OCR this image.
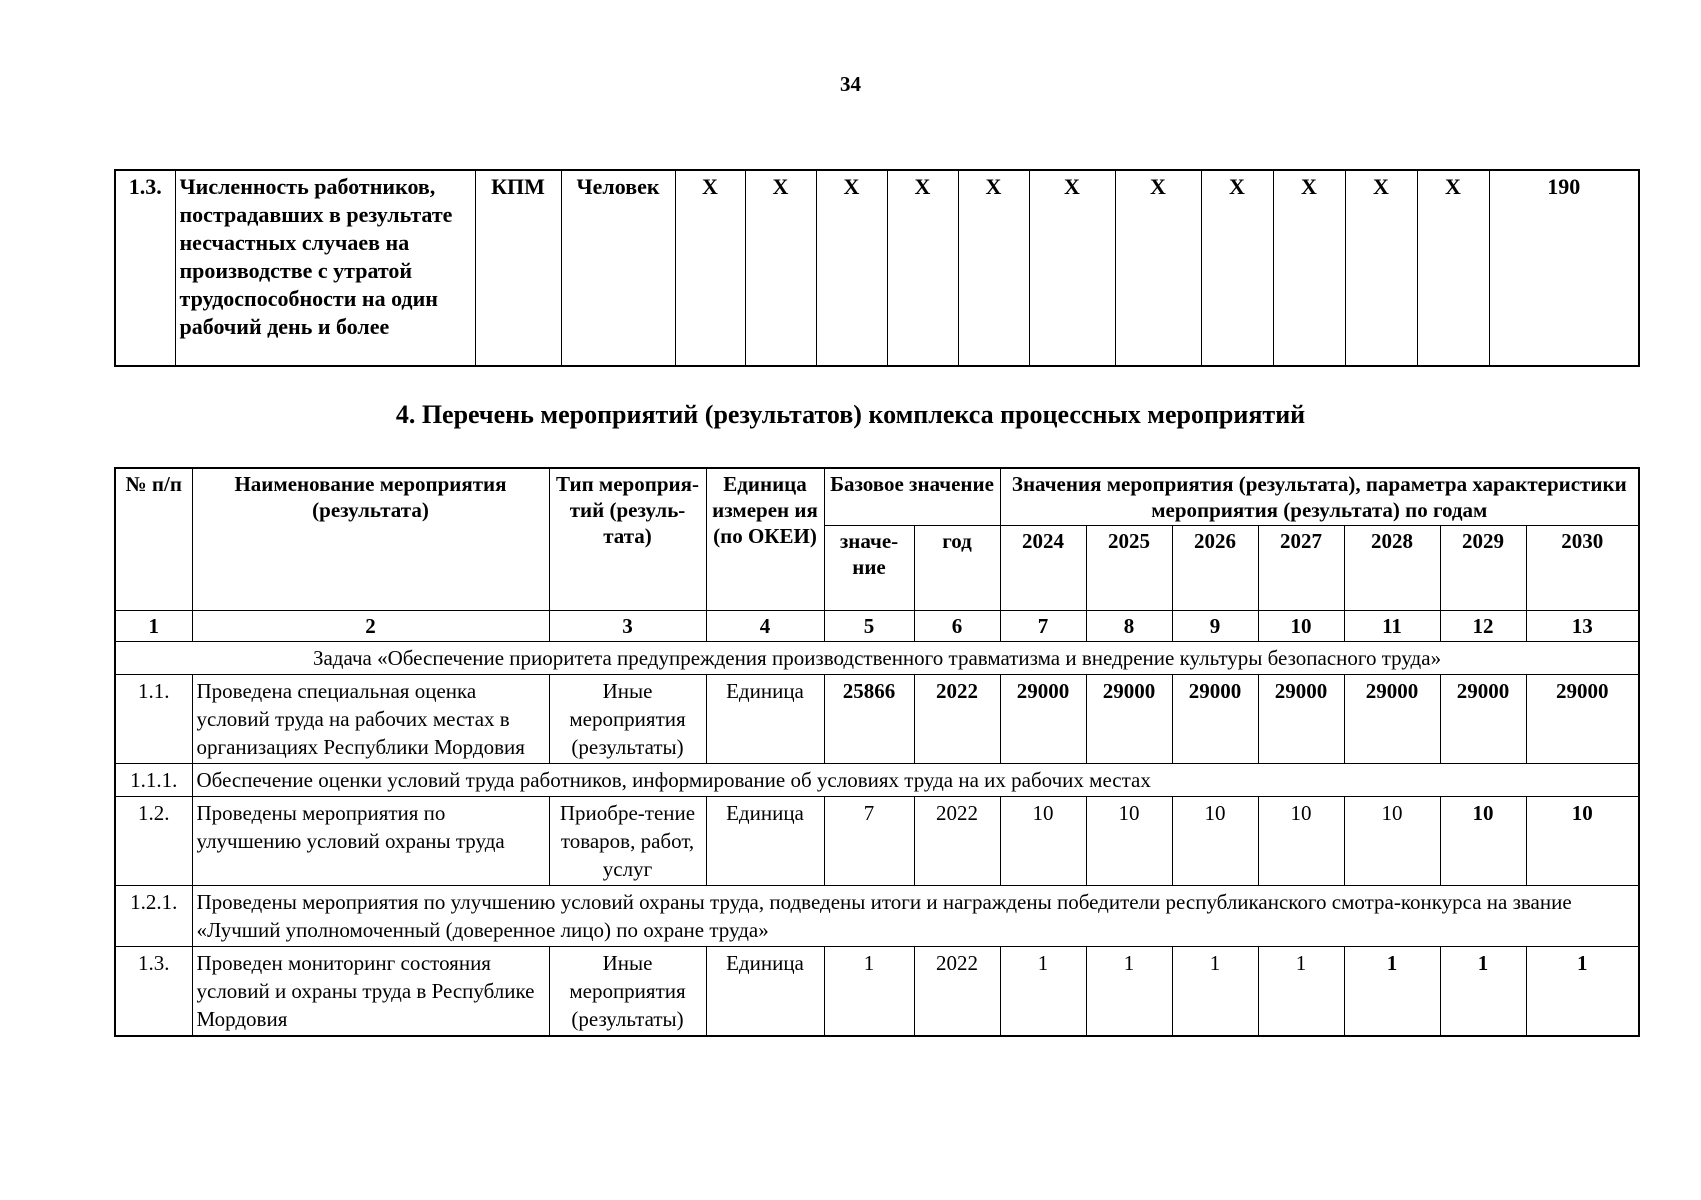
34
1.3.	Численность работников, пострадавших в результате несчастных случаев на производстве с утратой трудоспособности на один рабочий день и более	КПМ	Человек	X	X	X	X	X	X	X	X	X	X	X	190
4. Перечень мероприятий (результатов) комплекса процессных мероприятий
№ п/п	Наименование мероприятия (результата)	Тип мероприя-тий (резуль-тата)	Единица измерен ия (по ОКЕИ)	Базовое значение		Значения мероприятия (результата), параметра характеристики мероприятия (результата) по годам						
				значе-ние	год	2024	2025	2026	2027	2028	2029	2030
1	2	3	4	5	6	7	8	9	10	11	12	13
Задача «Обеспечение приоритета предупреждения производственного травматизма и внедрение культуры безопасного труда»												
1.1.	Проведена специальная оценка условий труда на рабочих местах в организациях Республики Мордовия	Иные мероприятия (результаты)	Единица	25866	2022	29000	29000	29000	29000	29000	29000	29000
1.1.1.	Обеспечение оценки условий труда работников, информирование об условиях труда на их рабочих местах											
1.2.	Проведены мероприятия по улучшению условий охраны труда	Приобре-тение товаров, работ, услуг	Единица	7	2022	10	10	10	10	10	10	10
1.2.1.	Проведены мероприятия по улучшению условий охраны труда, подведены итоги и награждены победители республиканского смотра-конкурса на звание «Лучший уполномоченный (доверенное лицо) по охране труда»											
1.3.	Проведен мониторинг состояния условий и охраны труда в Республике Мордовия	Иные мероприятия (результаты)	Единица	1	2022	1	1	1	1	1	1	1
